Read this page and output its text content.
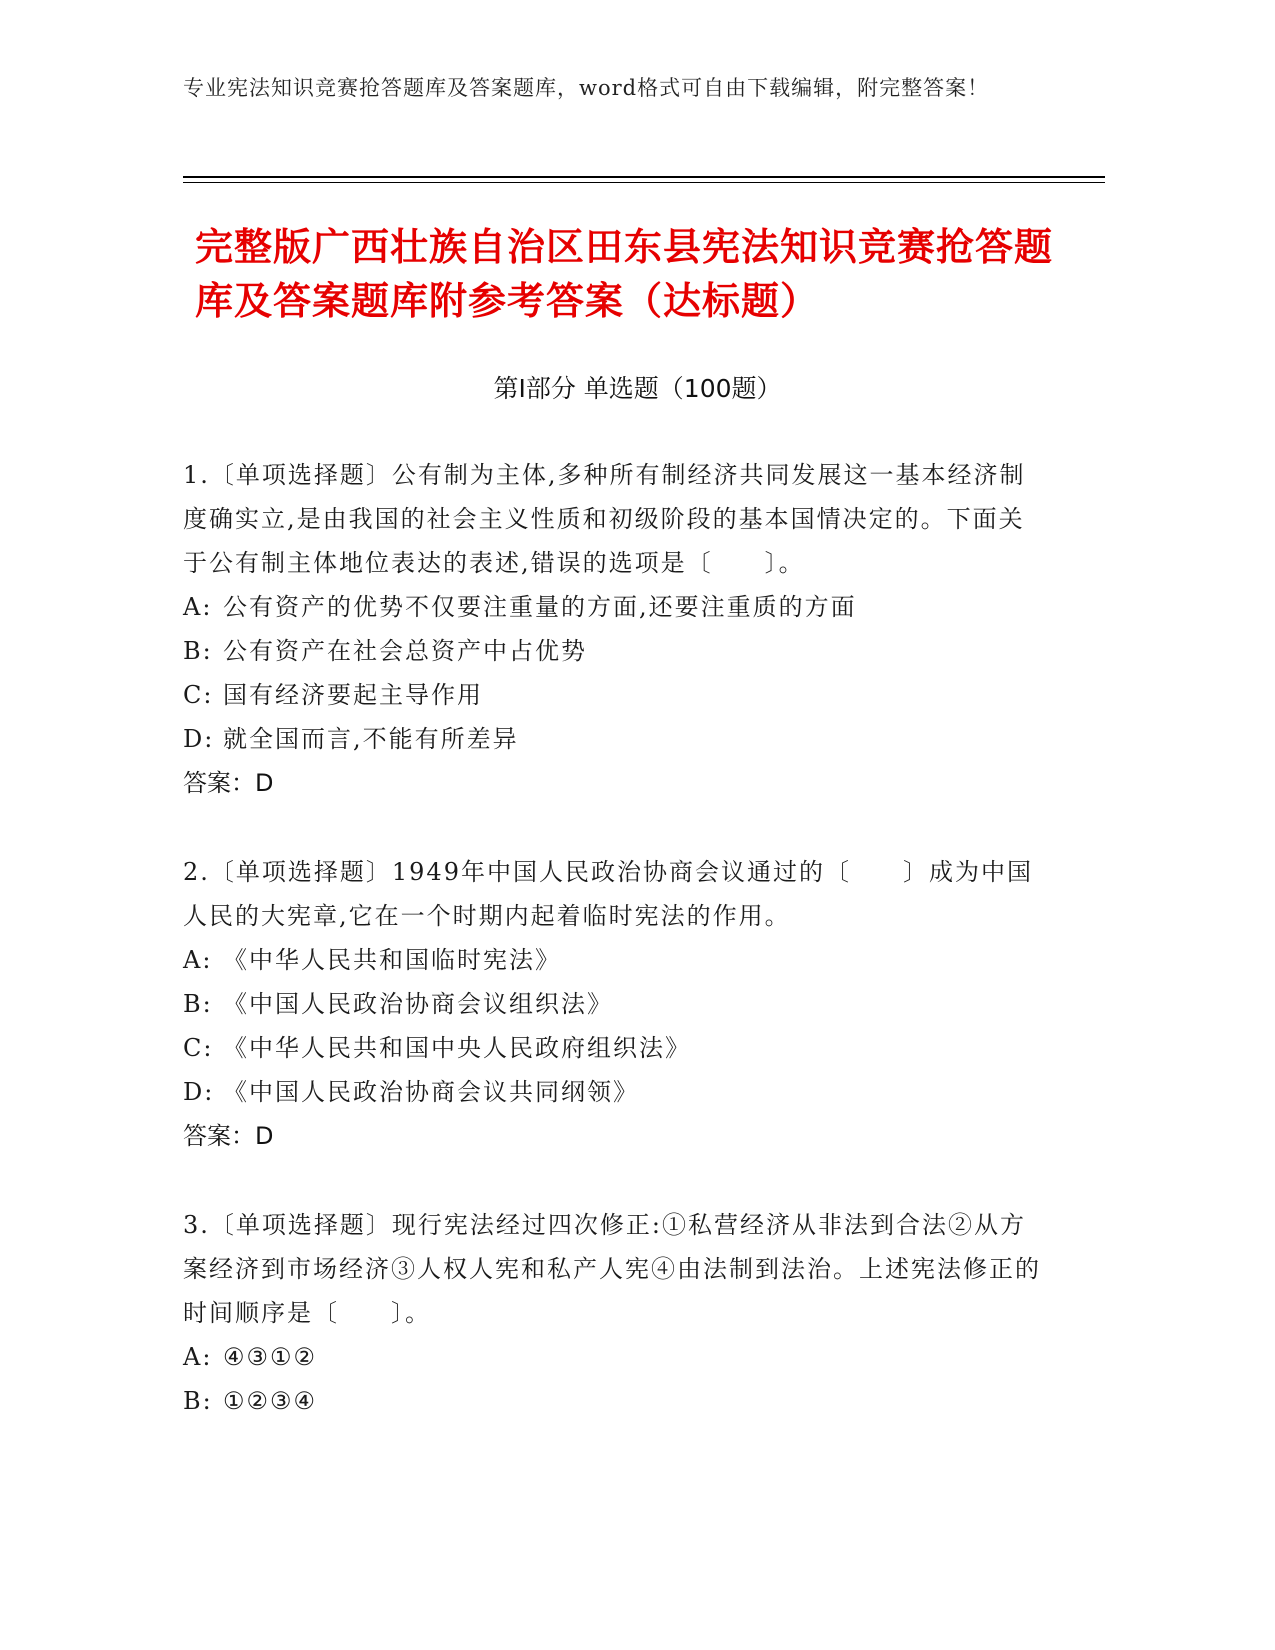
专业宪法知识竞赛抢答题库及答案题库，word格式可自由下载编辑，附完整答案！
完整版广西壮族自治区田东县宪法知识竞赛抢答题库及答案题库附参考答案（达标题）
第I部分 单选题（100题）
1.〔单项选择题〕公有制为主体,多种所有制经济共同发展这一基本经济制度确实立,是由我国的社会主义性质和初级阶段的基本国情决定的。下面关于公有制主体地位表达的表述,错误的选项是〔　　〕。
A: 公有资产的优势不仅要注重量的方面,还要注重质的方面
B: 公有资产在社会总资产中占优势
C: 国有经济要起主导作用
D: 就全国而言,不能有所差异
答案：D
2.〔单项选择题〕1949年中国人民政治协商会议通过的〔　　〕成为中国人民的大宪章,它在一个时期内起着临时宪法的作用。
A: 《中华人民共和国临时宪法》
B: 《中国人民政治协商会议组织法》
C: 《中华人民共和国中央人民政府组织法》
D: 《中国人民政治协商会议共同纲领》
答案：D
3.〔单项选择题〕现行宪法经过四次修正:①私营经济从非法到合法②从方案经济到市场经济③人权人宪和私产人宪④由法制到法治。上述宪法修正的时间顺序是〔　　〕。
A: ④③①②
B: ①②③④
